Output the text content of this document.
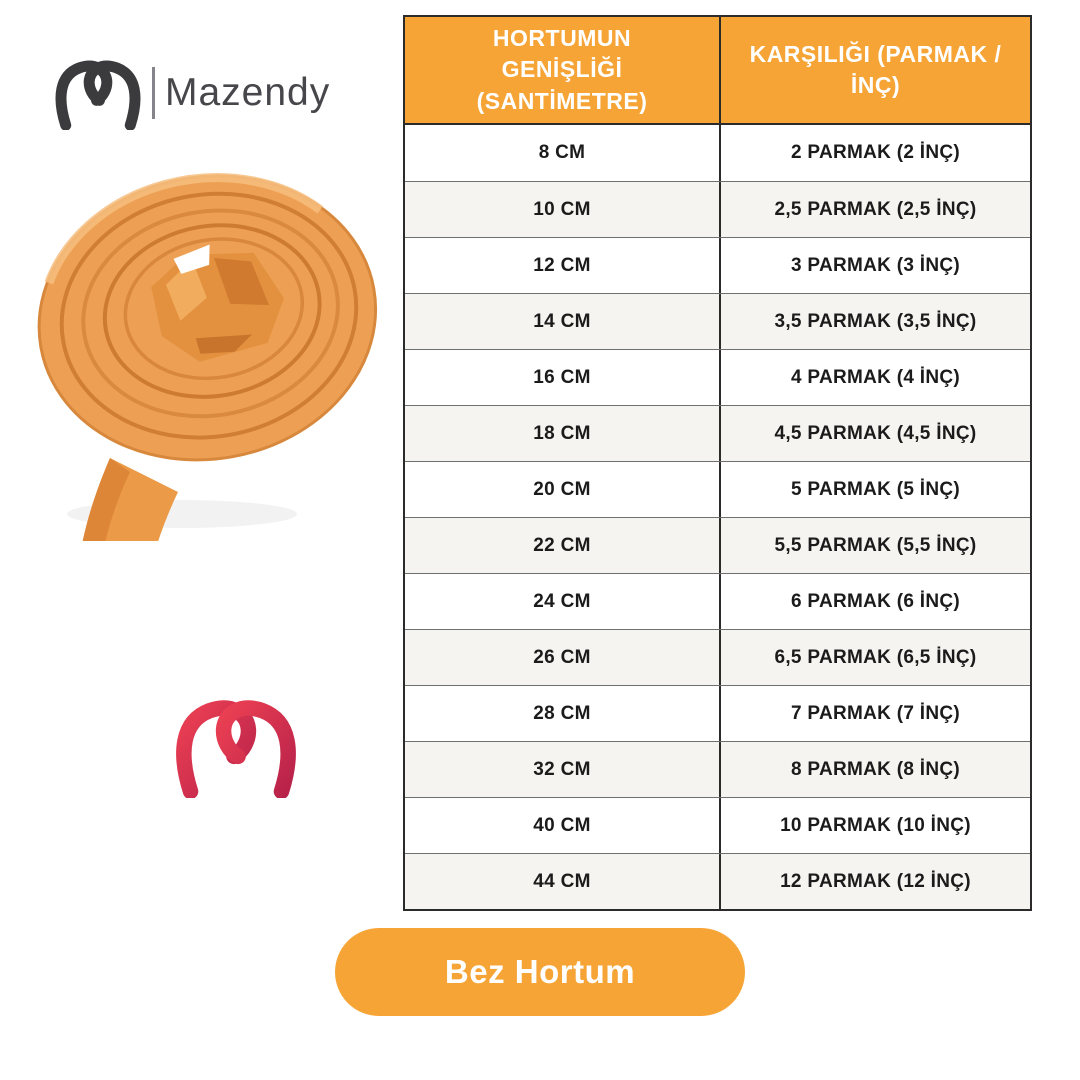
Mazendy
HORTUMUN GENİŞLİĞİ (SANTİMETRE)
KARŞILIĞI (PARMAK / İNÇ)
8 CM	2 PARMAK (2 İNÇ)
10 CM	2,5 PARMAK (2,5 İNÇ)
12 CM	3 PARMAK (3 İNÇ)
14 CM	3,5 PARMAK (3,5 İNÇ)
16 CM	4 PARMAK (4 İNÇ)
18 CM	4,5 PARMAK (4,5 İNÇ)
20 CM	5 PARMAK (5 İNÇ)
22 CM	5,5 PARMAK (5,5 İNÇ)
24 CM	6 PARMAK (6 İNÇ)
26 CM	6,5 PARMAK (6,5 İNÇ)
28 CM	7 PARMAK (7 İNÇ)
32 CM	8 PARMAK (8 İNÇ)
40 CM	10 PARMAK (10 İNÇ)
44 CM	12 PARMAK (12 İNÇ)
Bez Hortum
